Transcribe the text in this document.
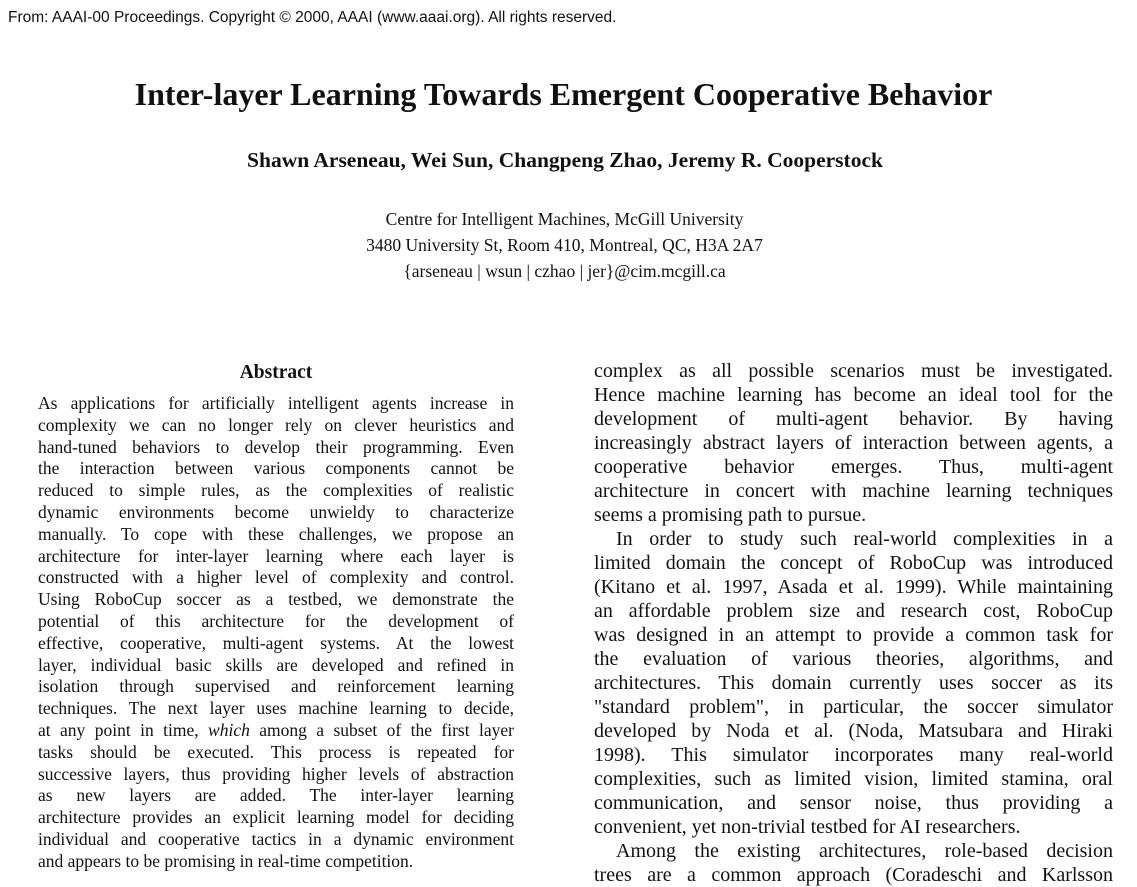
From: AAAI-00 Proceedings. Copyright © 2000, AAAI (www.aaai.org). All rights reserved.
Inter-layer Learning Towards Emergent Cooperative Behavior
Shawn Arseneau, Wei Sun, Changpeng Zhao, Jeremy R. Cooperstock
Centre for Intelligent Machines, McGill University
3480 University St, Room 410, Montreal, QC, H3A 2A7
{arseneau | wsun | czhao | jer}@cim.mcgill.ca
Abstract
As applications for artificially intelligent agents increase in
complexity we can no longer rely on clever heuristics and
hand-tuned behaviors to develop their programming. Even
the interaction between various components cannot be
reduced to simple rules, as the complexities of realistic
dynamic environments become unwieldy to characterize
manually. To cope with these challenges, we propose an
architecture for inter-layer learning where each layer is
constructed with a higher level of complexity and control.
Using RoboCup soccer as a testbed, we demonstrate the
potential of this architecture for the development of
effective, cooperative, multi-agent systems. At the lowest
layer, individual basic skills are developed and refined in
isolation through supervised and reinforcement learning
techniques. The next layer uses machine learning to decide,
at any point in time, which among a subset of the first layer
tasks should be executed. This process is repeated for
successive layers, thus providing higher levels of abstraction
as new layers are added. The inter-layer learning
architecture provides an explicit learning model for deciding
individual and cooperative tactics in a dynamic environment
and appears to be promising in real-time competition.
complex as all possible scenarios must be investigated.
Hence machine learning has become an ideal tool for the
development of multi-agent behavior. By having
increasingly abstract layers of interaction between agents, a
cooperative behavior emerges. Thus, multi-agent
architecture in concert with machine learning techniques
seems a promising path to pursue.
In order to study such real-world complexities in a
limited domain the concept of RoboCup was introduced
(Kitano et al. 1997, Asada et al. 1999). While maintaining
an affordable problem size and research cost, RoboCup
was designed in an attempt to provide a common task for
the evaluation of various theories, algorithms, and
architectures. This domain currently uses soccer as its
"standard problem", in particular, the soccer simulator
developed by Noda et al. (Noda, Matsubara and Hiraki
1998). This simulator incorporates many real-world
complexities, such as limited vision, limited stamina, oral
communication, and sensor noise, thus providing a
convenient, yet non-trivial testbed for AI researchers.
Among the existing architectures, role-based decision
trees are a common approach (Coradeschi and Karlsson
